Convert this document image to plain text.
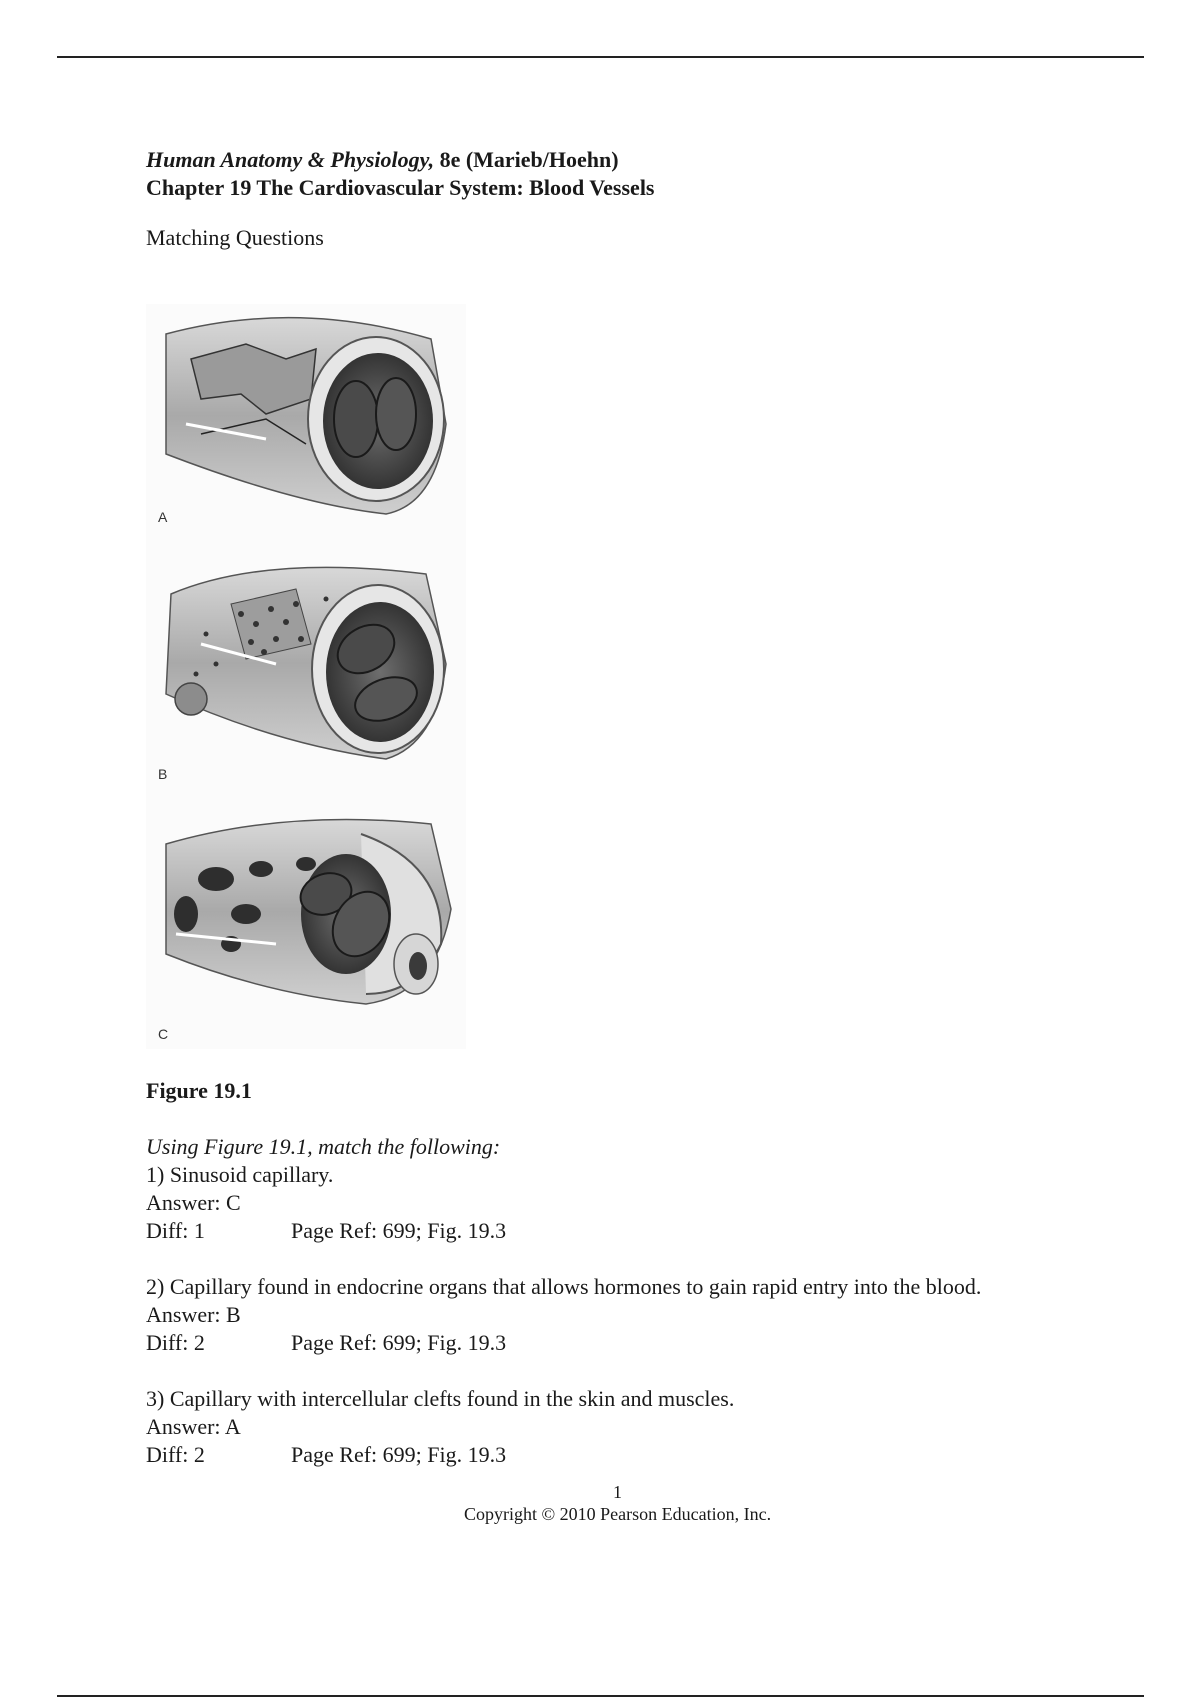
Human Anatomy & Physiology, 8e (Marieb/Hoehn)
Chapter 19 The Cardiovascular System: Blood Vessels
Matching Questions
A
B
C
Figure 19.1
Using Figure 19.1, match the following:
1) Sinusoid capillary.
Answer: C
Diff: 1	Page Ref: 699; Fig. 19.3
2) Capillary found in endocrine organs that allows hormones to gain rapid entry into the blood.
Answer: B
Diff: 2	Page Ref: 699; Fig. 19.3
3) Capillary with intercellular clefts found in the skin and muscles.
Answer: A
Diff: 2	Page Ref: 699; Fig. 19.3
1
Copyright © 2010 Pearson Education, Inc.
